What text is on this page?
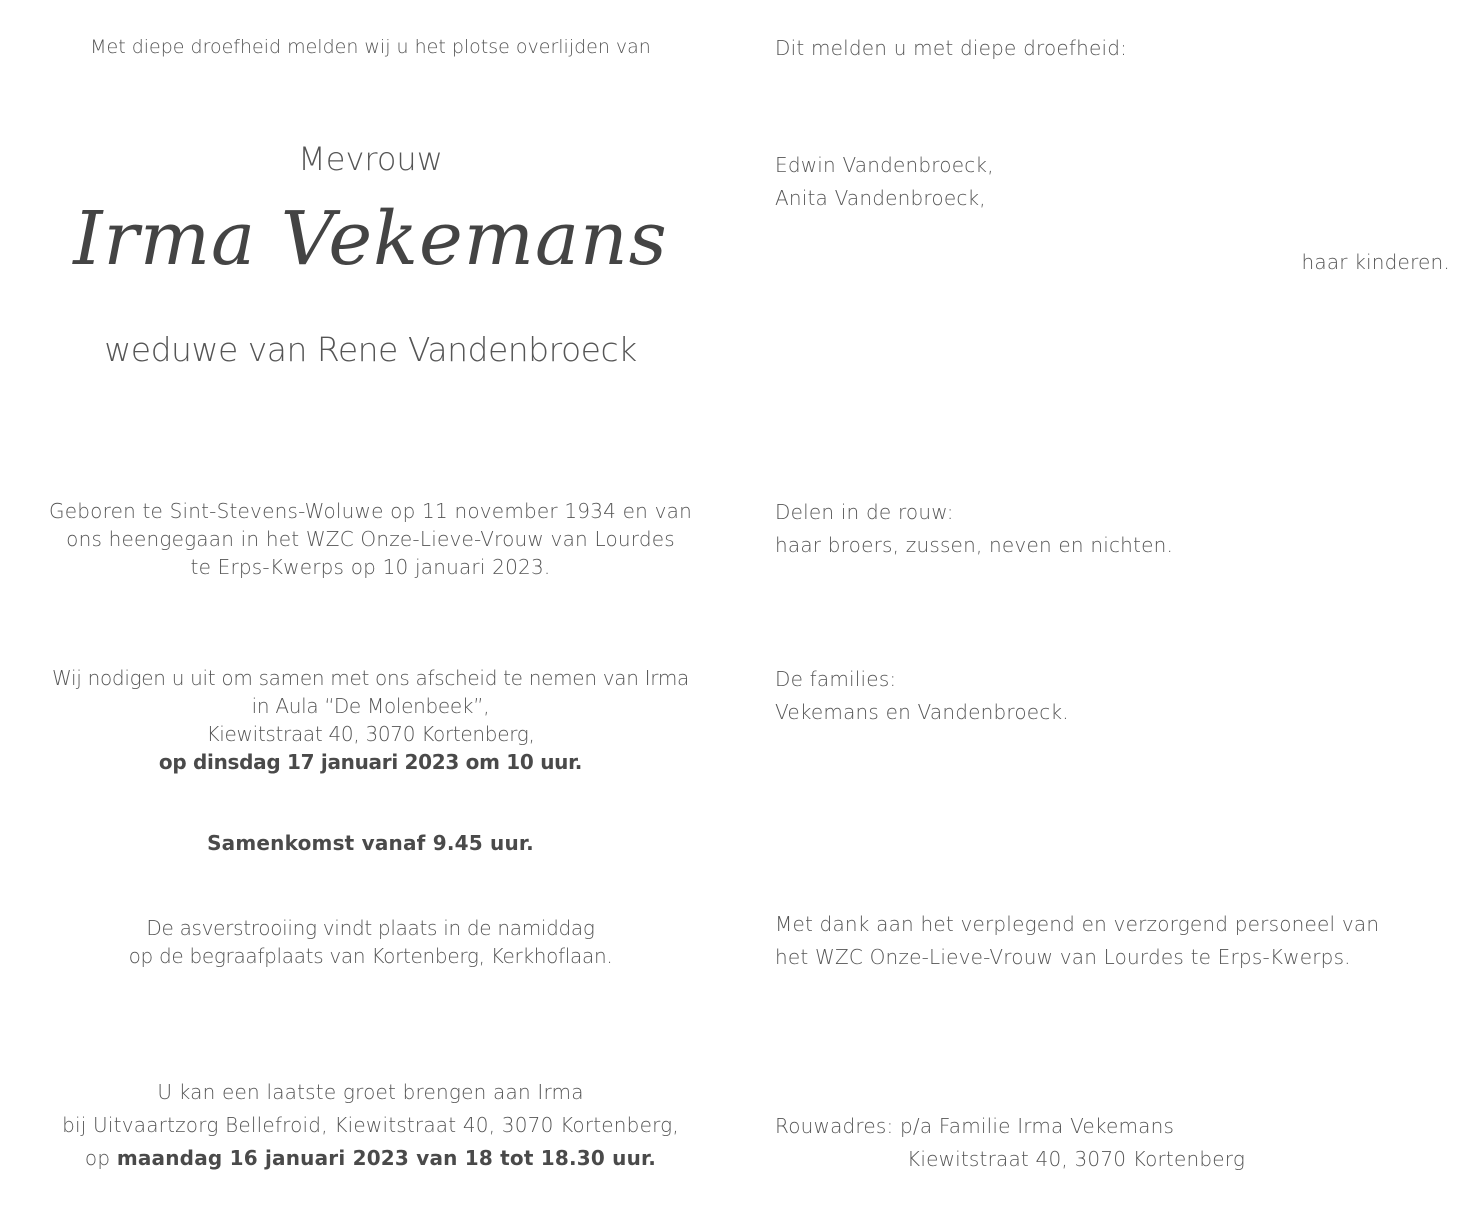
Met diepe droefheid melden wij u het plotse overlijden van
Mevrouw
Irma Vekemans
weduwe van Rene Vandenbroeck
Geboren te Sint-Stevens-Woluwe op 11 november 1934 en van
ons heengegaan in het WZC Onze-Lieve-Vrouw van Lourdes
te Erps-Kwerps op 10 januari 2023.
Wij nodigen u uit om samen met ons afscheid te nemen van Irma
in Aula “De Molenbeek”,
Kiewitstraat 40, 3070 Kortenberg,
op dinsdag 17 januari 2023 om 10 uur.
Samenkomst vanaf 9.45 uur.
De asverstrooiing vindt plaats in de namiddag
op de begraafplaats van Kortenberg, Kerkhoflaan.
U kan een laatste groet brengen aan Irma
bij Uitvaartzorg Bellefroid, Kiewitstraat 40, 3070 Kortenberg,
op maandag 16 januari 2023 van 18 tot 18.30 uur.
Dit melden u met diepe droefheid:
Edwin Vandenbroeck,
Anita Vandenbroeck,
haar kinderen.
Delen in de rouw:
haar broers, zussen, neven en nichten.
De families:
Vekemans en Vandenbroeck.
Met dank aan het verplegend en verzorgend personeel van
het WZC Onze-Lieve-Vrouw van Lourdes te Erps-Kwerps.
Rouwadres: p/a Familie Irma Vekemans
Kiewitstraat 40, 3070 Kortenberg
